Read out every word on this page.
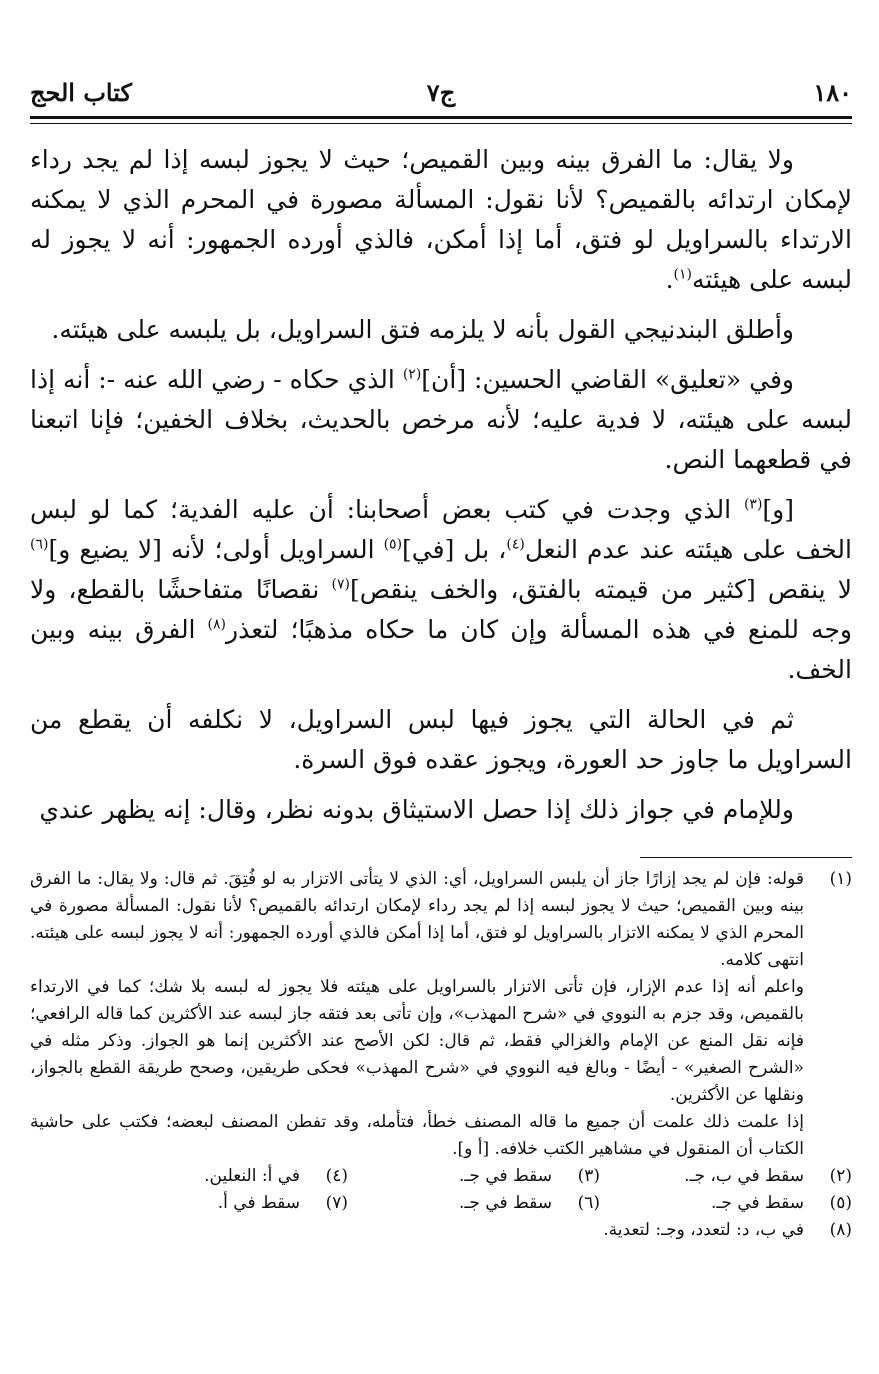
١٨٠
ج٧
كتاب الحج

ولا يقال: ما الفرق بينه وبين القميص؛ حيث لا يجوز لبسه إذا لم يجد رداء لإمكان ارتدائه بالقميص؟ لأنا نقول: المسألة مصورة في المحرم الذي لا يمكنه الارتداء بالسراويل لو فتق، أما إذا أمكن، فالذي أورده الجمهور: أنه لا يجوز له لبسه على هيئته$^{(١)}$.

وأطلق البندنيجي القول بأنه لا يلزمه فتق السراويل، بل يلبسه على هيئته.

وفي «تعليق» القاضي الحسين: [أن]$^{(٢)}$ الذي حكاه - رضي الله عنه -: أنه إذا لبسه على هيئته، لا فدية عليه؛ لأنه مرخص بالحديث، بخلاف الخفين؛ فإنا اتبعنا في قطعهما النص.

[و]$^{(٣)}$ الذي وجدت في كتب بعض أصحابنا: أن عليه الفدية؛ كما لو لبس الخف على هيئته عند عدم النعل$^{(٤)}$، بل [في]$^{(٥)}$ السراويل أولى؛ لأنه [لا يضيع و]$^{(٦)}$ لا ينقص [كثير من قيمته بالفتق، والخف ينقص]$^{(٧)}$ نقصانًا متفاحشًا بالقطع، ولا وجه للمنع في هذه المسألة وإن كان ما حكاه مذهبًا؛ لتعذر$^{(٨)}$ الفرق بينه وبين الخف.

ثم في الحالة التي يجوز فيها لبس السراويل، لا نكلفه أن يقطع من السراويل ما جاوز حد العورة، ويجوز عقده فوق السرة.

وللإمام في جواز ذلك إذا حصل الاستيثاق بدونه نظر، وقال: إنه يظهر عندي

(١)

قوله: فإن لم يجد إزارًا جاز أن يلبس السراويل، أي: الذي لا يتأتى الاتزار به لو فُتِقَ. ثم قال: ولا يقال: ما الفرق بينه وبين القميص؛ حيث لا يجوز لبسه إذا لم يجد رداء لإمكان ارتدائه بالقميص؟ لأنا نقول: المسألة مصورة في المحرم الذي لا يمكنه الاتزار بالسراويل لو فتق، أما إذا أمكن فالذي أورده الجمهور: أنه لا يجوز لبسه على هيئته. انتهى كلامه.

واعلم أنه إذا عدم الإزار، فإن تأتى الاتزار بالسراويل على هيئته فلا يجوز له لبسه بلا شك؛ كما في الارتداء بالقميص، وقد جزم به النووي في «شرح المهذب»، وإن تأتى بعد فتقه جاز لبسه عند الأكثرين كما قاله الرافعي؛ فإنه نقل المنع عن الإمام والغزالي فقط، ثم قال: لكن الأصح عند الأكثرين إنما هو الجواز. وذكر مثله في «الشرح الصغير» - أيضًا - وبالغ فيه النووي في «شرح المهذب» فحكى طريقين، وصحح طريقة القطع بالجواز، ونقلها عن الأكثرين.

إذا علمت ذلك علمت أن جميع ما قاله المصنف خطأ، فتأمله، وقد تفطن المصنف لبعضه؛ فكتب على حاشية الكتاب أن المنقول في مشاهير الكتب خلافه. [أ و].

(٢)
سقط في ب، جـ.
(٣)
سقط في جـ.
(٤)
في أ: النعلين.
(٥)
سقط في جـ.
(٦)
سقط في جـ.
(٧)
سقط في أ.
(٨)
في ب، د: لتعدد، وجـ: لتعدية.
